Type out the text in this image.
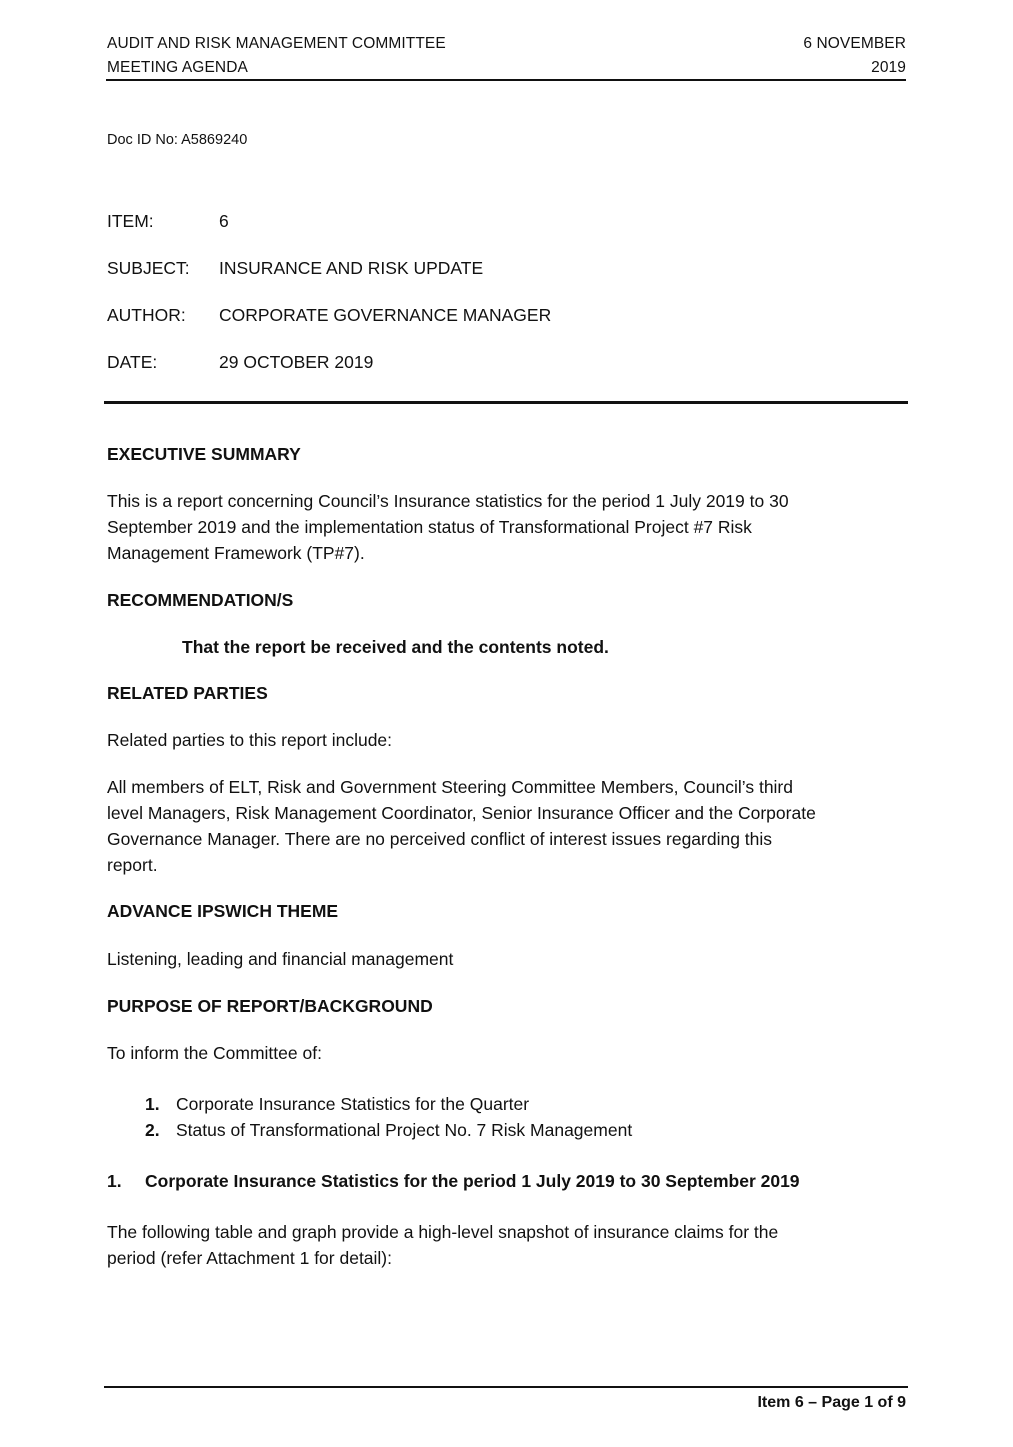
AUDIT AND RISK MANAGEMENT COMMITTEE
MEETING AGENDA
6 NOVEMBER
2019
Doc ID No: A5869240
ITEM:	6
SUBJECT: INSURANCE AND RISK UPDATE
AUTHOR: CORPORATE GOVERNANCE MANAGER
DATE:	29 OCTOBER 2019
EXECUTIVE SUMMARY
This is a report concerning Council’s Insurance statistics for the period 1 July 2019 to 30
September 2019 and the implementation status of Transformational Project #7 Risk
Management Framework (TP#7).
RECOMMENDATION/S
That the report be received and the contents noted.
RELATED PARTIES
Related parties to this report include:
All members of ELT, Risk and Government Steering Committee Members, Council’s third
level Managers, Risk Management Coordinator, Senior Insurance Officer and the Corporate
Governance Manager. There are no perceived conflict of interest issues regarding this
report.
ADVANCE IPSWICH THEME
Listening, leading and financial management
PURPOSE OF REPORT/BACKGROUND
To inform the Committee of:
1. Corporate Insurance Statistics for the Quarter
2. Status of Transformational Project No. 7 Risk Management
1. Corporate Insurance Statistics for the period 1 July 2019 to 30 September 2019
The following table and graph provide a high-level snapshot of insurance claims for the
period (refer Attachment 1 for detail):
Item 6 – Page 1 of 9
